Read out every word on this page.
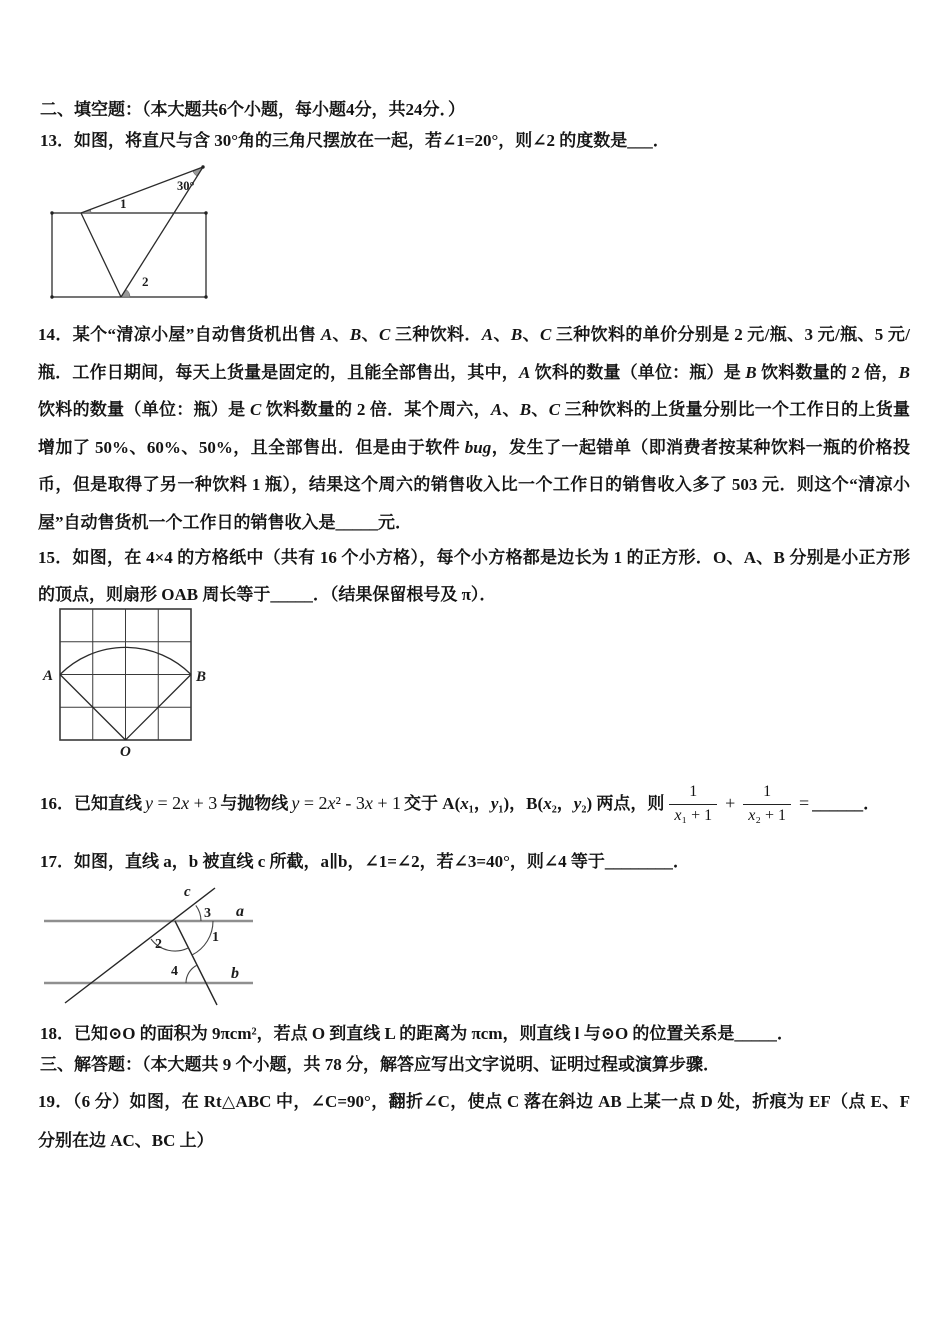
二、填空题：（本大题共6个小题，每小题4分，共24分．）
13．如图，将直尺与含 30°角的三角尺摆放在一起，若∠1=20°，则∠2 的度数是___．
30°
1
2
14．某个“清凉小屋”自动售货机出售 A、B、C 三种饮料．A、B、C 三种饮料的单价分别是 2 元/瓶、3 元/瓶、5 元/瓶．工作日期间，每天上货量是固定的，且能全部售出，其中，A 饮科的数量（单位：瓶）是 B 饮料数量的 2 倍，B 饮料的数量（单位：瓶）是 C 饮料数量的 2 倍．某个周六，A、B、C 三种饮料的上货量分别比一个工作日的上货量增加了 50%、60%、50%，且全部售出．但是由于软件 bug，发生了一起错单（即消费者按某种饮料一瓶的价格投币，但是取得了另一种饮料 1 瓶），结果这个周六的销售收入比一个工作日的销售收入多了 503 元．则这个“清凉小屋”自动售货机一个工作日的销售收入是_____元．
15．如图，在 4×4 的方格纸中（共有 16 个小方格），每个小方格都是边长为 1 的正方形．O、A、B 分别是小正方形的顶点，则扇形 OAB 周长等于_____．（结果保留根号及 π）．
A	B
O
16．已知直线 y = 2x + 3 与抛物线 y = 2x² - 3x + 1 交于 A(x₁，y₁)，B(x₂，y₂) 两点，则 $\frac{1}{\text{x₁ + 1}} + \frac{1}{\text{x₂ + 1}}$ = ______．
17．如图，直线 a，b 被直线 c 所截，a∥b，∠1=∠2，若∠3=40°，则∠4 等于________．
c
a
b
3
1
2
4
18．已知⊙O 的面积为 9πcm²，若点 O 到直线 L 的距离为 πcm，则直线 l 与⊙O 的位置关系是_____．
三、解答题：（本大题共 9 个小题，共 78 分，解答应写出文字说明、证明过程或演算步骤．
19．（6 分）如图，在 Rt△ABC 中，∠C=90°，翻折∠C，使点 C 落在斜边 AB 上某一点 D 处，折痕为 EF（点 E、F 分别在边 AC、BC 上）
